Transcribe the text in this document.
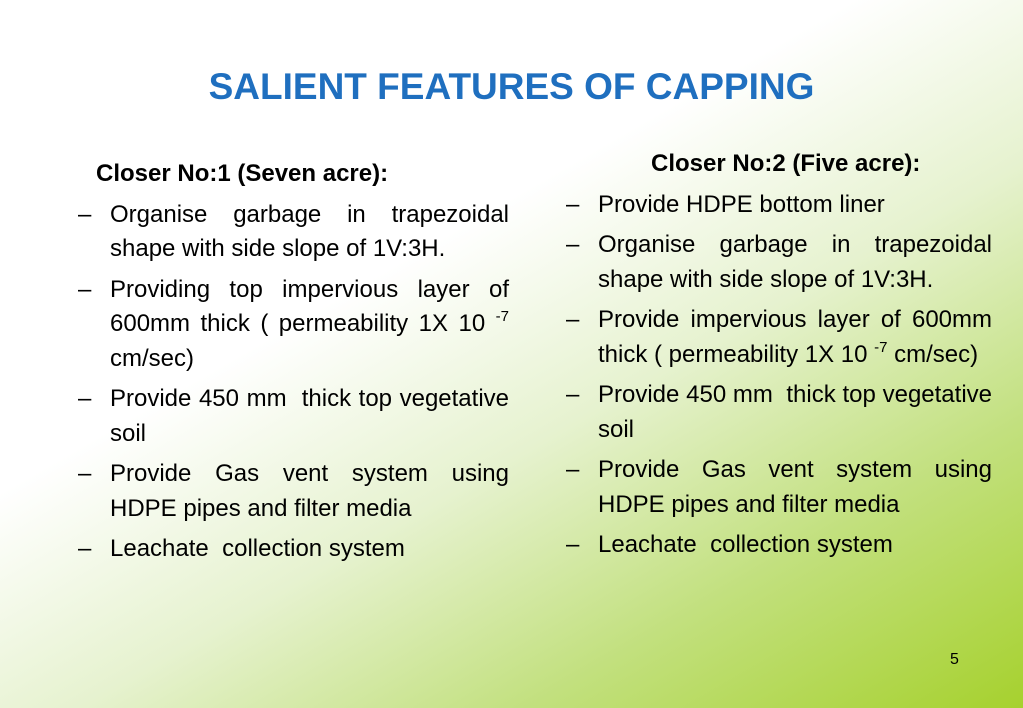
SALIENT FEATURES OF CAPPING
Closer No:1 (Seven acre):
– Organise garbage in trapezoidal shape with side slope of 1V:3H.
– Providing top impervious layer of 600mm thick ( permeability 1X 10 $^{-7}$ cm/sec)
– Provide 450 mm  thick top vegetative  soil
– Provide Gas vent system using HDPE pipes and filter media
– Leachate  collection system
Closer No:2 (Five acre):
– Provide HDPE bottom liner
– Organise garbage in trapezoidal shape with side slope of 1V:3H.
– Provide impervious layer of 600mm thick ( permeability 1X 10 $^{-7}$ cm/sec)
– Provide 450 mm  thick top vegetative  soil
– Provide Gas vent system using HDPE pipes and filter media
– Leachate  collection system
5
